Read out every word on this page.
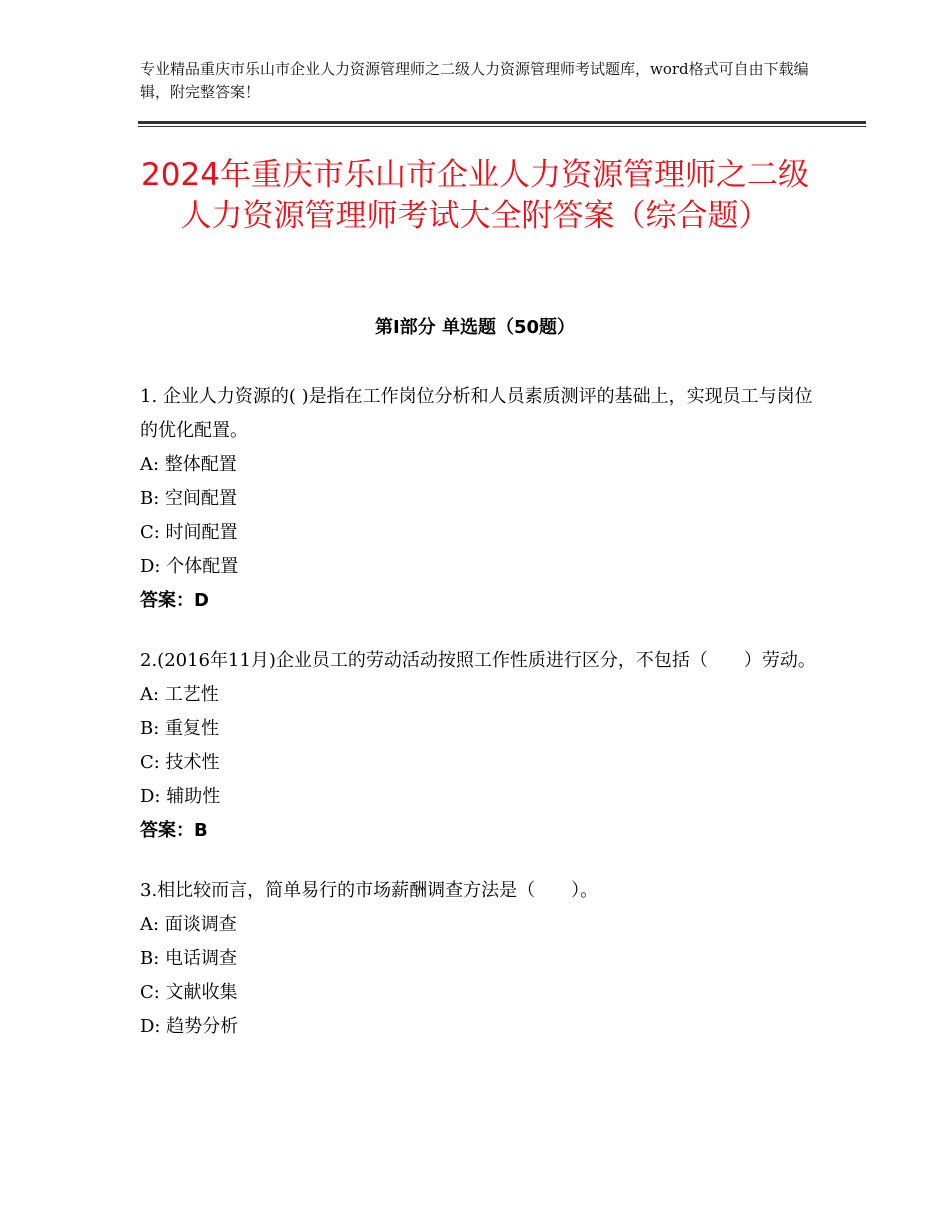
专业精品重庆市乐山市企业人力资源管理师之二级人力资源管理师考试题库，word格式可自由下载编辑，附完整答案！
2024年重庆市乐山市企业人力资源管理师之二级人力资源管理师考试大全附答案（综合题）
第Ⅰ部分 单选题（50题）

1. 企业人力资源的( )是指在工作岗位分析和人员素质测评的基础上，实现员工与岗位的优化配置。

A: 整体配置

B: 空间配置

C: 时间配置

D: 个体配置

答案：D

2.(2016年11月)企业员工的劳动活动按照工作性质进行区分，不包括（　　）劳动。

A: 工艺性

B: 重复性

C: 技术性

D: 辅助性

答案：B

3.相比较而言，简单易行的市场薪酬调查方法是（　　）。

A: 面谈调查

B: 电话调查

C: 文献收集

D: 趋势分析
